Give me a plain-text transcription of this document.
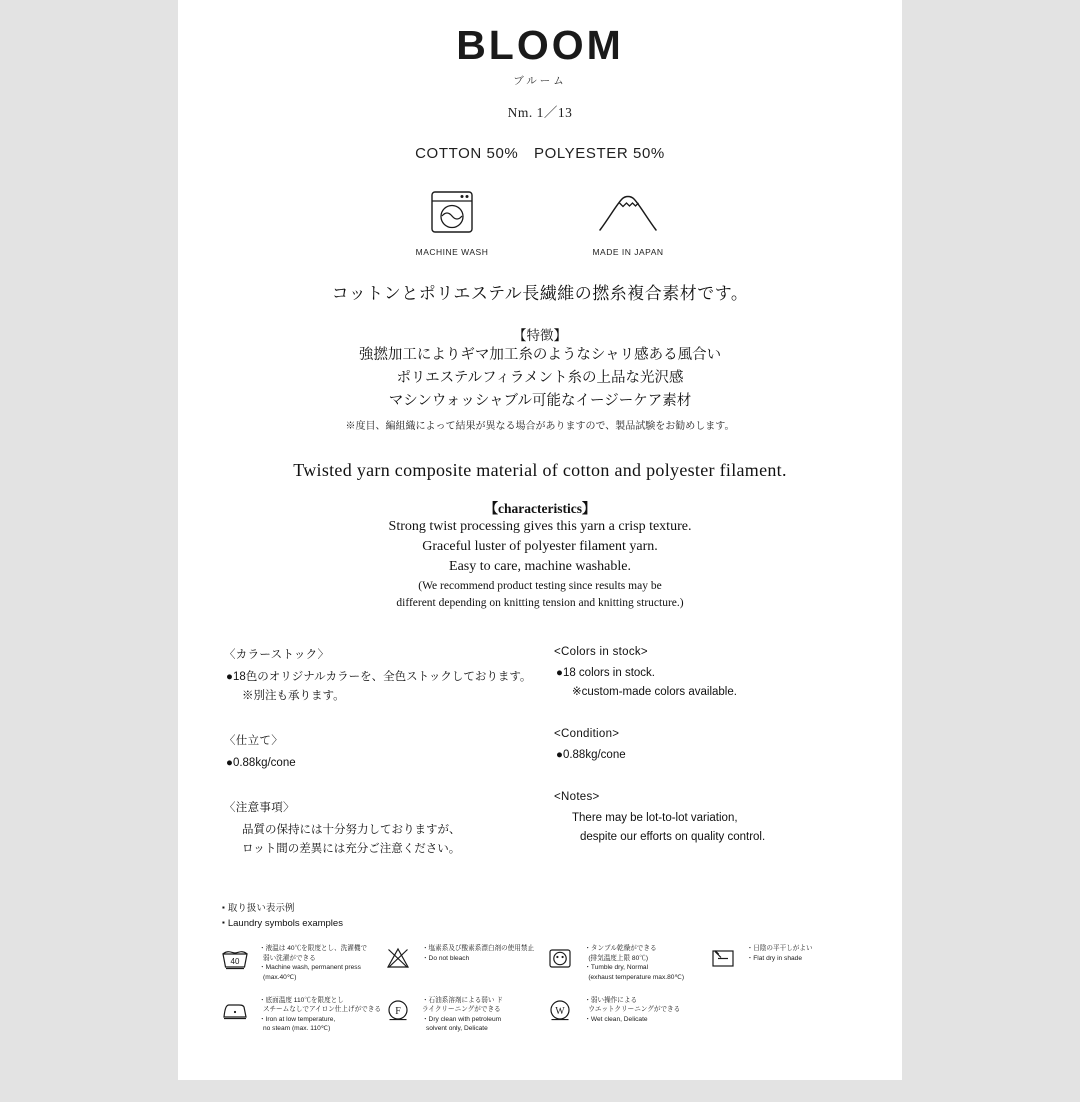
BLOOM
ブルーム
Nm. 1／13
COTTON 50%　POLYESTER 50%
MACHINE WASH	MADE IN JAPAN
コットンとポリエステル長繊維の撚糸複合素材です。
【特徴】
強撚加工によりギマ加工糸のようなシャリ感ある風合い
ポリエステルフィラメント糸の上品な光沢感
マシンウォッシャブル可能なイージーケア素材
※度目、編組織によって結果が異なる場合がありますので、製品試験をお勧めします。
Twisted yarn composite material of cotton and polyester filament.
【characteristics】
Strong twist processing gives this yarn a crisp texture.
Graceful luster of polyester filament yarn.
Easy to care, machine washable.
(We recommend product testing since results may be
different depending on knitting tension and knitting structure.)
〈カラーストック〉
●18色のオリジナルカラーを、全色ストックしております。
※別注も承ります。
〈仕立て〉
●0.88kg/cone
〈注意事項〉
品質の保持には十分努力しておりますが、
ロット間の差異には充分ご注意ください。
<Colors in stock>
●18 colors in stock.
※custom-made colors available.
<Condition>
●0.88kg/cone
<Notes>
There may be lot-to-lot variation,
despite our efforts on quality control.
▪ 取り扱い表示例
▪ Laundry symbols examples
40
・液温は 40℃を限度とし、洗濯機で
弱い洗濯ができる
・Machine wash, permanent press
(max.40℃)
・塩素系及び酸素系漂白剤の使用禁止
・Do not bleach
・タンブル乾燥ができる
(排気温度上限 80℃)
・Tumble dry, Normal
(exhaust temperature max.80℃)
・日陰の平干しがよい
・Flat dry in shade
・底面温度 110℃を限度とし
スチームなしでアイロン仕上げができる
・Iron at low temperature,
no steam (max. 110℃)
F
・石油系溶剤による弱い ド
ライクリーニングができる
・Dry clean with petroleum
solvent only, Delicate
W
・弱い操作による
ウエットクリーニングができる
・Wet clean, Delicate
